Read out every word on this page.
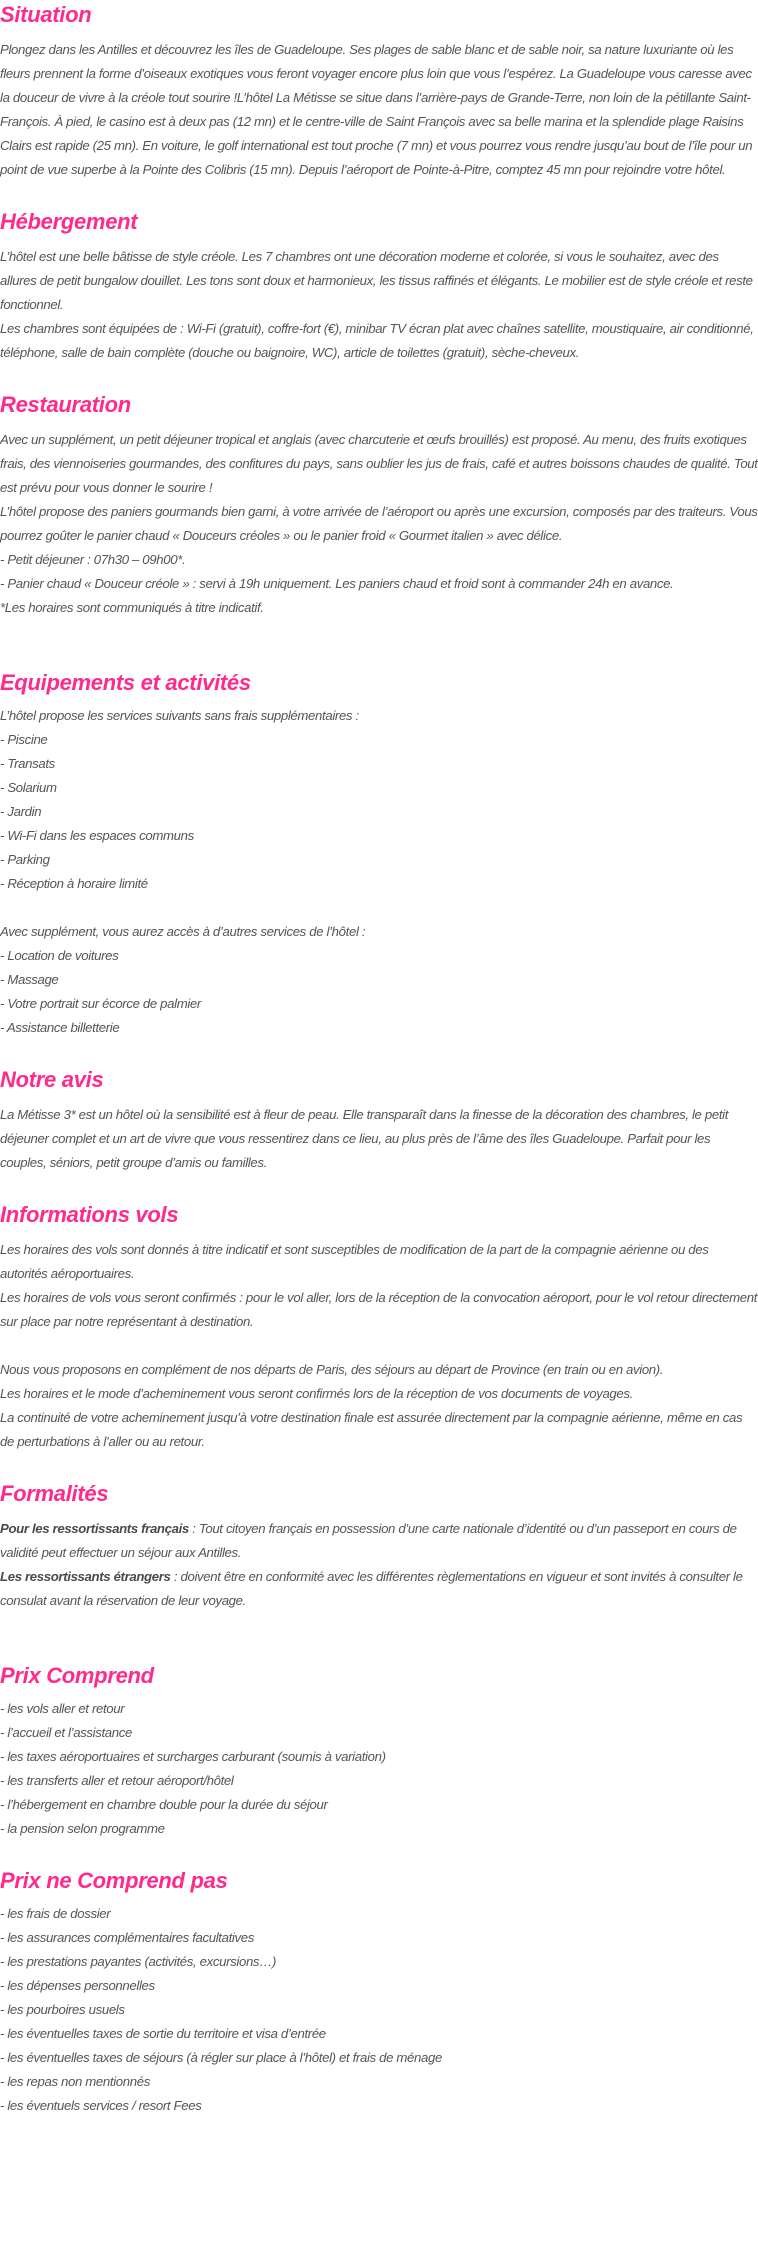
Situation

Plongez dans les Antilles et découvrez les îles de Guadeloupe. Ses plages de sable blanc et de sable noir, sa nature luxuriante où les fleurs prennent la forme d’oiseaux exotiques vous feront voyager encore plus loin que vous l’espérez. La Guadeloupe vous caresse avec la douceur de vivre à la créole tout sourire !L’hôtel La Métisse se situe dans l’arrière-pays de Grande-Terre, non loin de la pétillante Saint-François. À pied, le casino est à deux pas (12 mn) et le centre-ville de Saint François avec sa belle marina et la splendide plage Raisins Clairs est rapide (25 mn). En voiture, le golf international est tout proche (7 mn) et vous pourrez vous rendre jusqu’au bout de l’île pour un point de vue superbe à la Pointe des Colibris (15 mn). Depuis l’aéroport de Pointe-à-Pitre, comptez 45 mn pour rejoindre votre hôtel.

Hébergement

L’hôtel est une belle bâtisse de style créole. Les 7 chambres ont une décoration moderne et colorée, si vous le souhaitez, avec des allures de petit bungalow douillet. Les tons sont doux et harmonieux, les tissus raffinés et élégants. Le mobilier est de style créole et reste fonctionnel.

Les chambres sont équipées de : Wi-Fi (gratuit), coffre-fort (€), minibar TV écran plat avec chaînes satellite, moustiquaire, air conditionné, téléphone, salle de bain complète (douche ou baignoire, WC), article de toilettes (gratuit), sèche-cheveux.

Restauration

Avec un supplément, un petit déjeuner tropical et anglais (avec charcuterie et œufs brouillés) est proposé. Au menu, des fruits exotiques frais, des viennoiseries gourmandes, des confitures du pays, sans oublier les jus de frais, café et autres boissons chaudes de qualité. Tout est prévu pour vous donner le sourire !

L’hôtel propose des paniers gourmands bien garni, à votre arrivée de l’aéroport ou après une excursion, composés par des traiteurs. Vous pourrez goûter le panier chaud « Douceurs créoles » ou le panier froid « Gourmet italien » avec délice.

- Petit déjeuner : 07h30 – 09h00*.

- Panier chaud « Douceur créole » : servi à 19h uniquement. Les paniers chaud et froid sont à commander 24h en avance.

*Les horaires sont communiqués à titre indicatif.

Equipements et activités

L’hôtel propose les services suivants sans frais supplémentaires :

- Piscine
- Transats
- Solarium
- Jardin
- Wi-Fi dans les espaces communs
- Parking
- Réception à horaire limité

Avec supplément, vous aurez accès à d’autres services de l’hôtel :

- Location de voitures
- Massage
- Votre portrait sur écorce de palmier
- Assistance billetterie
Notre avis

La Métisse 3* est un hôtel où la sensibilité est à fleur de peau. Elle transparaît dans la finesse de la décoration des chambres, le petit déjeuner complet et un art de vivre que vous ressentirez dans ce lieu, au plus près de l’âme des îles Guadeloupe. Parfait pour les couples, séniors, petit groupe d’amis ou familles.

Informations vols

Les horaires des vols sont donnés à titre indicatif et sont susceptibles de modification de la part de la compagnie aérienne ou des autorités aéroportuaires.

Les horaires de vols vous seront confirmés : pour le vol aller, lors de la réception de la convocation aéroport, pour le vol retour directement sur place par notre représentant à destination.

Nous vous proposons en complément de nos départs de Paris, des séjours au départ de Province (en train ou en avion).

Les horaires et le mode d’acheminement vous seront confirmés lors de la réception de vos documents de voyages.

La continuité de votre acheminement jusqu’à votre destination finale est assurée directement par la compagnie aérienne, même en cas de perturbations à l’aller ou au retour.

Formalités

Pour les ressortissants français : Tout citoyen français en possession d’une carte nationale d’identité ou d’un passeport en cours de validité peut effectuer un séjour aux Antilles.

Les ressortissants étrangers : doivent être en conformité avec les différentes règlementations en vigueur et sont invités à consulter le consulat avant la réservation de leur voyage.

Prix Comprend
- les vols aller et retour
- l’accueil et l’assistance
- les taxes aéroportuaires et surcharges carburant (soumis à variation)
- les transferts aller et retour aéroport/hôtel
- l’hébergement en chambre double pour la durée du séjour
- la pension selon programme
Prix ne Comprend pas
- les frais de dossier
- les assurances complémentaires facultatives
- les prestations payantes (activités, excursions…)
- les dépenses personnelles
- les pourboires usuels
- les éventuelles taxes de sortie du territoire et visa d’entrée
- les éventuelles taxes de séjours (à régler sur place à l’hôtel) et frais de ménage
- les repas non mentionnés
- les éventuels services / resort Fees
